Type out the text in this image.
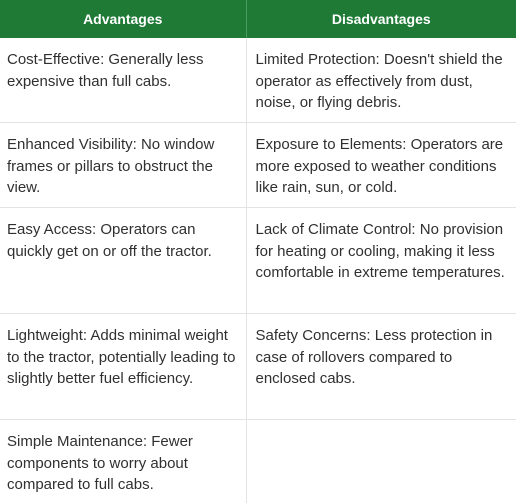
Advantages	Disadvantages
Cost-Effective: Generally less expensive than full cabs.	Limited Protection: Doesn't shield the operator as effectively from dust, noise, or flying debris.
Enhanced Visibility: No window frames or pillars to obstruct the view.	Exposure to Elements: Operators are more exposed to weather conditions like rain, sun, or cold.
Easy Access: Operators can quickly get on or off the tractor.	Lack of Climate Control: No provision for heating or cooling, making it less comfortable in extreme temperatures.
Lightweight: Adds minimal weight to the tractor, potentially leading to slightly better fuel efficiency.	Safety Concerns: Less protection in case of rollovers compared to enclosed cabs.
Simple Maintenance: Fewer components to worry about compared to full cabs.	
